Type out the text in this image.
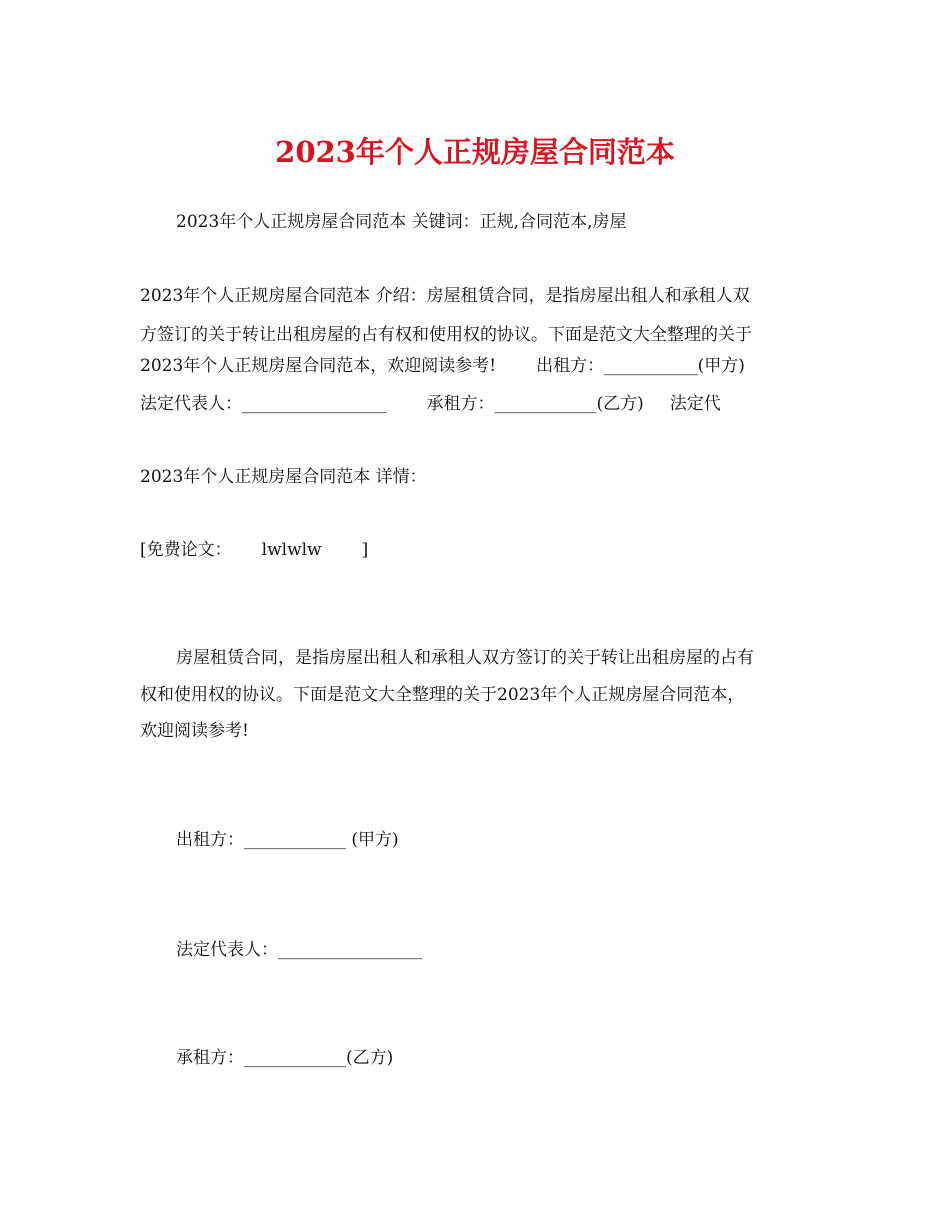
2023年个人正规房屋合同范本
2023年个人正规房屋合同范本 关键词：正规,合同范本,房屋
2023年个人正规房屋合同范本 介绍：房屋租赁合同，是指房屋出租人和承租人双
方签订的关于转让出租房屋的占有权和使用权的协议。下面是范文大全整理的关于
2023年个人正规房屋合同范本，欢迎阅读参考! 出租方：___________(甲方)
法定代表人：_________________ 承租方：____________(乙方) 法定代
2023年个人正规房屋合同范本 详情：
[免费论文： lwlwlw ]
房屋租赁合同，是指房屋出租人和承租人双方签订的关于转让出租房屋的占有
权和使用权的协议。下面是范文大全整理的关于2023年个人正规房屋合同范本，
欢迎阅读参考!
出租方：____________ (甲方)
法定代表人：_________________
承租方：____________(乙方)
